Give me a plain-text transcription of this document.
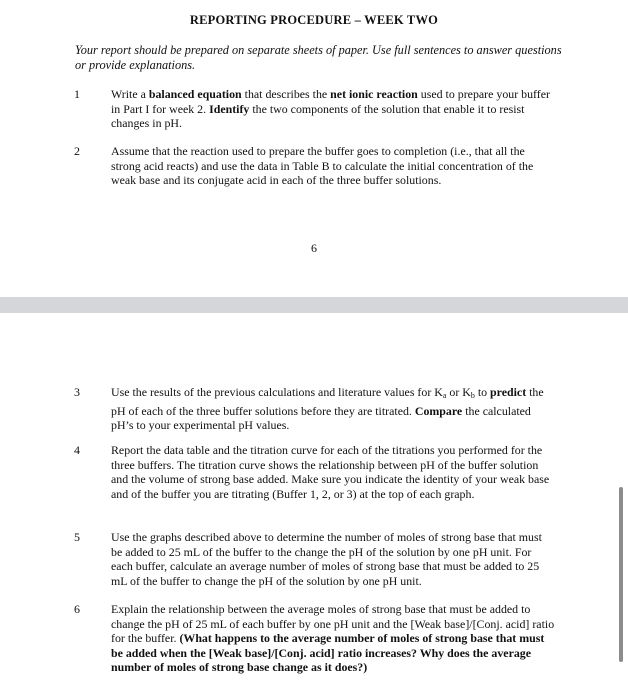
REPORTING PROCEDURE – WEEK TWO
Your report should be prepared on separate sheets of paper. Use full sentences to answer questions or provide explanations.
1	Write a balanced equation that describes the net ionic reaction used to prepare your buffer in Part I for week 2. Identify the two components of the solution that enable it to resist changes in pH.
2	Assume that the reaction used to prepare the buffer goes to completion (i.e., that all the strong acid reacts) and use the data in Table B to calculate the initial concentration of the weak base and its conjugate acid in each of the three buffer solutions.
6
3	Use the results of the previous calculations and literature values for $K_a$ or $K_b$ to predict the pH of each of the three buffer solutions before they are titrated. Compare the calculated pH’s to your experimental pH values.
4	Report the data table and the titration curve for each of the titrations you performed for the three buffers. The titration curve shows the relationship between pH of the buffer solution and the volume of strong base added. Make sure you indicate the identity of your weak base and of the buffer you are titrating (Buffer 1, 2, or 3) at the top of each graph.
5	Use the graphs described above to determine the number of moles of strong base that must be added to 25 mL of the buffer to the change the pH of the solution by one pH unit. For each buffer, calculate an average number of moles of strong base that must be added to 25 mL of the buffer to change the pH of the solution by one pH unit.
6	Explain the relationship between the average moles of strong base that must be added to change the pH of 25 mL of each buffer by one pH unit and the [Weak base]/[Conj. acid] ratio for the buffer. (What happens to the average number of moles of strong base that must be added when the [Weak base]/[Conj. acid] ratio increases? Why does the average number of moles of strong base change as it does?)
